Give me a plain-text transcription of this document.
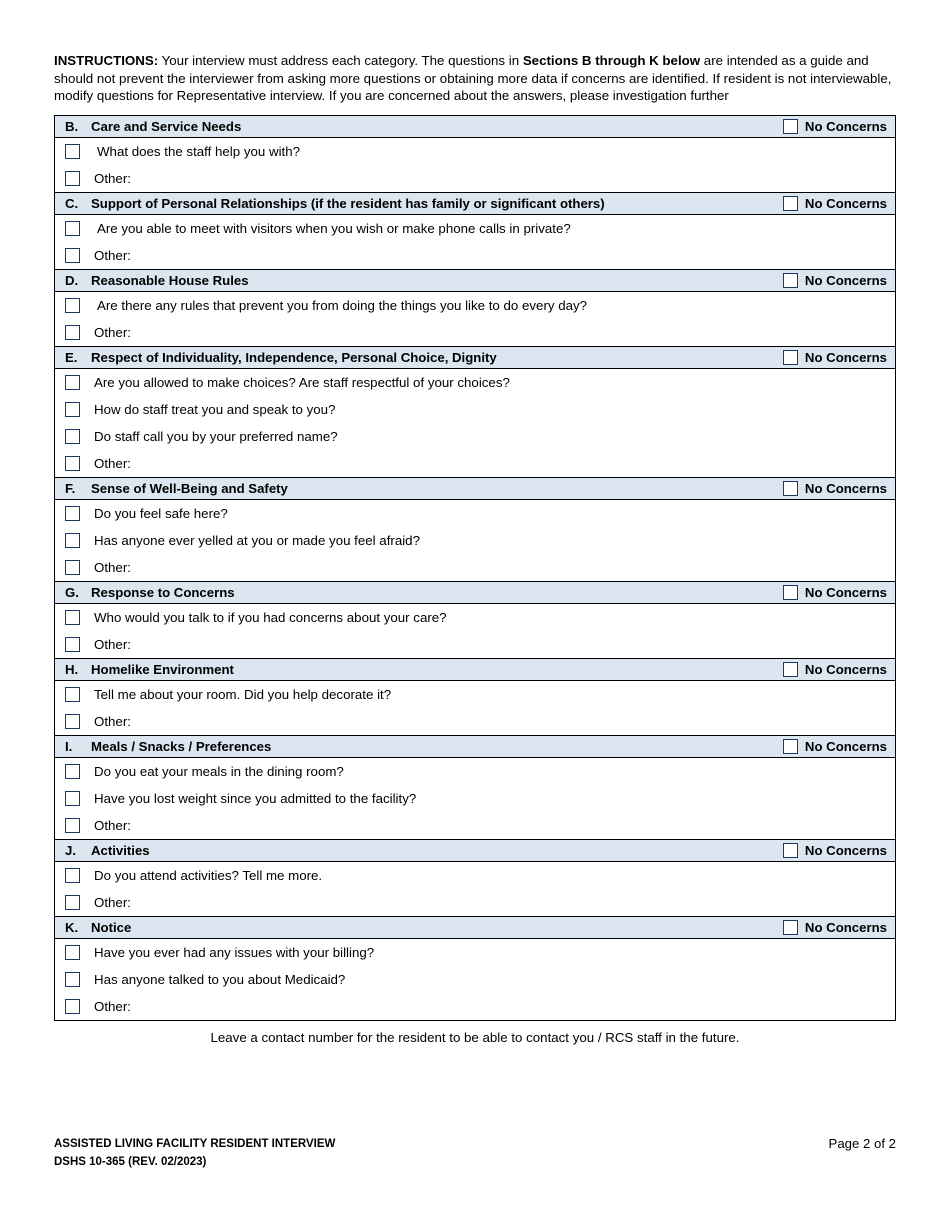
INSTRUCTIONS: Your interview must address each category. The questions in Sections B through K below are intended as a guide and should not prevent the interviewer from asking more questions or obtaining more data if concerns are identified. If resident is not interviewable, modify questions for Representative interview. If you are concerned about the answers, please investigation further

B. Care and Service Needs	No Concerns

What does the staff help you with?

Other:

C. Support of Personal Relationships (if the resident has family or significant others)	No Concerns

Are you able to meet with visitors when you wish or make phone calls in private?

Other:

D. Reasonable House Rules	No Concerns

Are there any rules that prevent you from doing the things you like to do every day?

Other:

E.	Respect of Individuality, Independence, Personal Choice, Dignity	No Concerns

Are you allowed to make choices? Are staff respectful of your choices?

How do staff treat you and speak to you?

Do staff call you by your preferred name?

Other:

F.	Sense of Well-Being and Safety	No Concerns

Do you feel safe here?

Has anyone ever yelled at you or made you feel afraid?

Other:

G. Response to Concerns	No Concerns

Who would you talk to if you had concerns about your care?

Other:

H. Homelike Environment	No Concerns

Tell me about your room. Did you help decorate it?

Other:

I.	Meals / Snacks / Preferences	No Concerns

Do you eat your meals in the dining room?

Have you lost weight since you admitted to the facility?

Other:

J.	Activities	No Concerns

Do you attend activities? Tell me more.

Other:

K. Notice	No Concerns

Have you ever had any issues with your billing?

Has anyone talked to you about Medicaid?

Other:
Leave a contact number for the resident to be able to contact you / RCS staff in the future.
ASSISTED LIVING FACILITY RESIDENT INTERVIEW
DSHS 10-365 (REV. 02/2023)
Page 2 of 2
